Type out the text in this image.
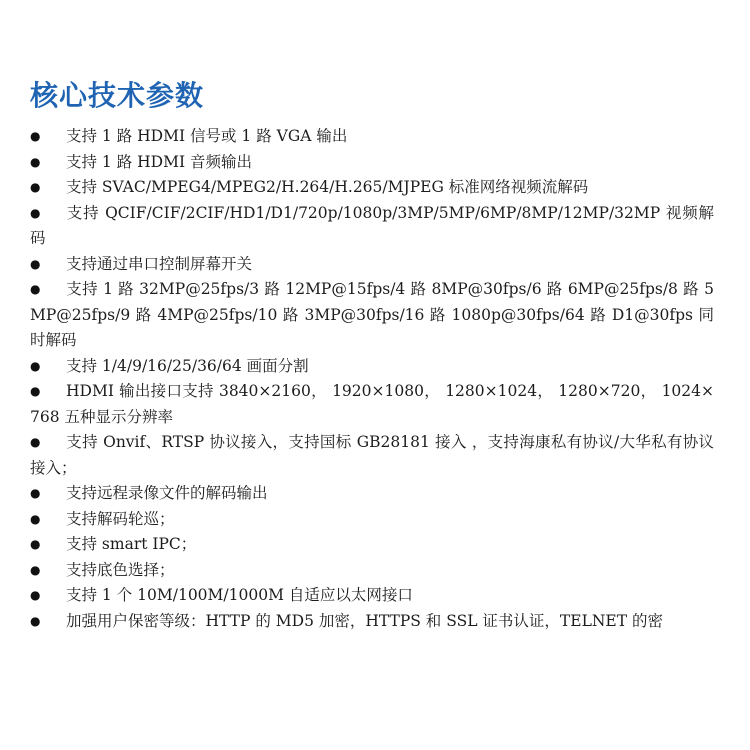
核心技术参数
● 支持 1 路 HDMI 信号或 1 路 VGA 输出
● 支持 1 路 HDMI 音频输出
● 支持 SVAC/MPEG4/MPEG2/H.264/H.265/MJPEG 标准网络视频流解码
● 支持 QCIF/CIF/2CIF/HD1/D1/720p/1080p/3MP/5MP/6MP/8MP/12MP/32MP 视频解码
● 支持通过串口控制屏幕开关
● 支持 1 路 32MP@25fps/3 路 12MP@15fps/4 路 8MP@30fps/6 路 6MP@25fps/8 路 5MP@25fps/9 路 4MP@25fps/10 路 3MP@30fps/16 路 1080p@30fps/64 路 D1@30fps 同时解码
● 支持 1/4/9/16/25/36/64 画面分割
● HDMI 输出接口支持 3840×2160， 1920×1080， 1280×1024， 1280×720， 1024×768 五种显示分辨率
● 支持 Onvif、RTSP 协议接入，支持国标 GB28181 接入 ，支持海康私有协议/大华私有协议接入；
● 支持远程录像文件的解码输出
● 支持解码轮巡；
● 支持 smart IPC；
● 支持底色选择；
● 支持 1 个 10M/100M/1000M 自适应以太网接口
● 加强用户保密等级：HTTP 的 MD5 加密，HTTPS 和 SSL 证书认证，TELNET 的密
